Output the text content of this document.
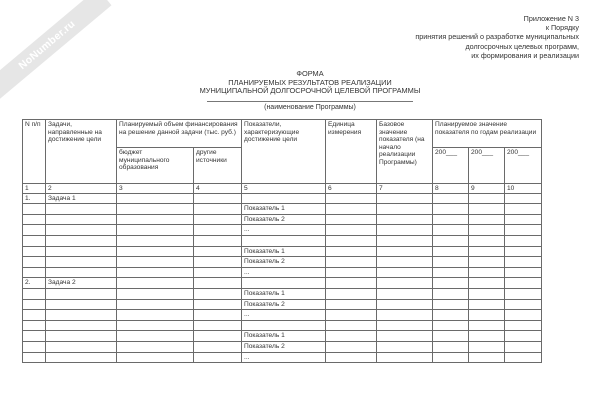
NoNumber.ru	Приложение N 3
к Порядку
принятия решений о разработке муниципальных
долгосрочных целевых программ,
их формирования и реализации
ФОРМА
ПЛАНИРУЕМЫХ РЕЗУЛЬТАТОВ РЕАЛИЗАЦИИ
МУНИЦИПАЛЬНОЙ ДОЛГОСРОЧНОЙ ЦЕЛЕВОЙ ПРОГРАММЫ
(наименование Программы)
N п/п	Задачи, направленные на достижение цели	Планируемый объем финансирования на решение данной задачи (тыс. руб.)		Показатели, характеризующие достижение цели	Единица измерения	Базовое значение показателя (на начало реализации Программы)	Планируемое значение показателя по годам реализации		
		бюджет муниципального образования	другие источники				200___	200___	200___
1	2	3	4	5	6	7	8	9	10
1.	Задача 1								
				Показатель 1					
				Показатель 2					
				...					

				Показатель 1					
				Показатель 2					
				...					
2.	Задача 2								
				Показатель 1					
				Показатель 2					
				...					

				Показатель 1					
				Показатель 2					
				...					
